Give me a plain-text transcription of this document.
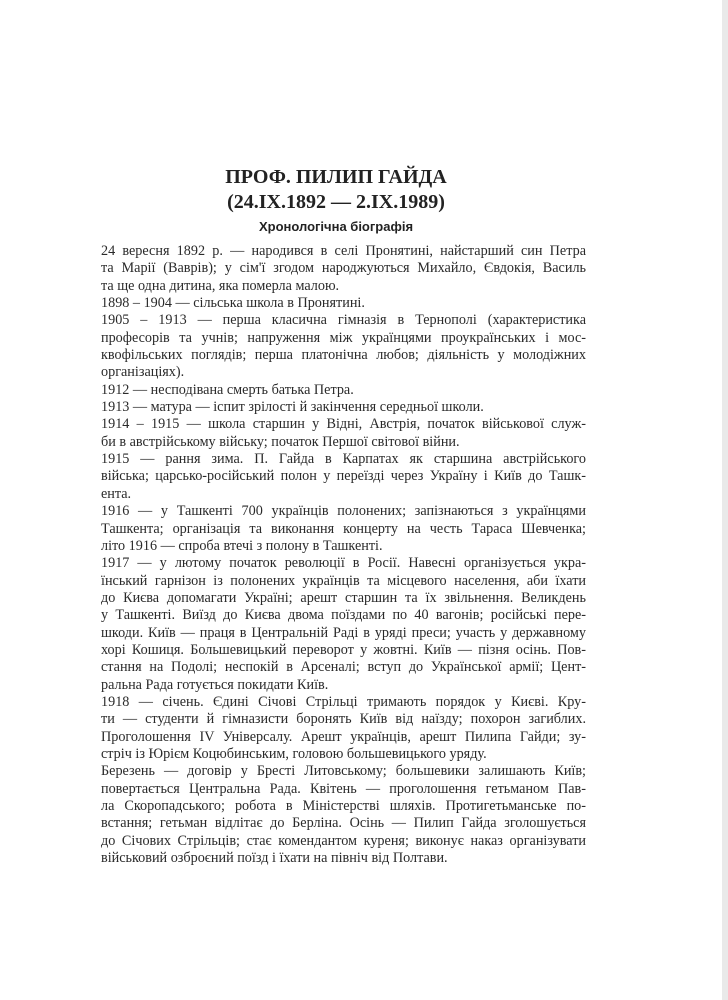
ПРОФ. ПИЛИП ГАЙДА
(24.IX.1892 — 2.IX.1989)
Хронологічна біографія

24 вересня 1892 р. — народився в селі Пронятині, найстарший син Петра
та Марії (Ваврів); у сім'ї згодом народжуються Михайло, Євдокія, Василь
та ще одна дитина, яка померла малою.

1898 – 1904 — сільська школа в Пронятині.

1905 – 1913 — перша класична гімназія в Тернополі (характеристика
професорів та учнів; напруження між українцями проукраїнських і мос-
квофільських поглядів; перша платонічна любов; діяльність у молодіжних
організаціях).

1912 — несподівана смерть батька Петра.

1913 — матура — іспит зрілості й закінчення середньої школи.

1914 – 1915 — школа старшин у Відні, Австрія, початок військової служ-
би в австрійському війську; початок Першої світової війни.

1915 — рання зима. П. Гайда в Карпатах як старшина австрійського
війська; царсько-російський полон у переїзді через Україну і Київ до Ташк-
ента.

1916 — у Ташкенті 700 українців полонених; запізнаються з українцями
Ташкента; організація та виконання концерту на честь Тараса Шевченка;
літо 1916 — спроба втечі з полону в Ташкенті.

1917 — у лютому початок революції в Росії. Навесні організується укра-
їнський гарнізон із полонених українців та місцевого населення, аби їхати
до Києва допомагати Україні; арешт старшин та їх звільнення. Великдень
у Ташкенті. Виїзд до Києва двома поїздами по 40 вагонів; російські пере-
шкоди. Київ — праця в Центральній Раді в уряді преси; участь у державному
хорі Кошиця. Большевицький переворот у жовтні. Київ — пізня осінь. Пов-
стання на Подолі; неспокій в Арсеналі; вступ до Української армії; Цент-
ральна Рада готується покидати Київ.

1918 — січень. Єдині Січові Стрільці тримають порядок у Києві. Кру-
ти — студенти й гімназисти боронять Київ від наїзду; похорон загиблих.
Проголошення IV Універсалу. Арешт українців, арешт Пилипа Гайди; зу-
стріч із Юрієм Коцюбинським, головою большевицького уряду.

Березень — договір у Бресті Литовському; большевики залишають Київ;
повертається Центральна Рада. Квітень — проголошення гетьманом Пав-
ла Скоропадського; робота в Міністерстві шляхів. Протигетьманське по-
встання; гетьман відлітає до Берліна. Осінь — Пилип Гайда зголошується
до Січових Стрільців; стає комендантом куреня; виконує наказ організувати
військовий озброєний поїзд і їхати на північ від Полтави.
